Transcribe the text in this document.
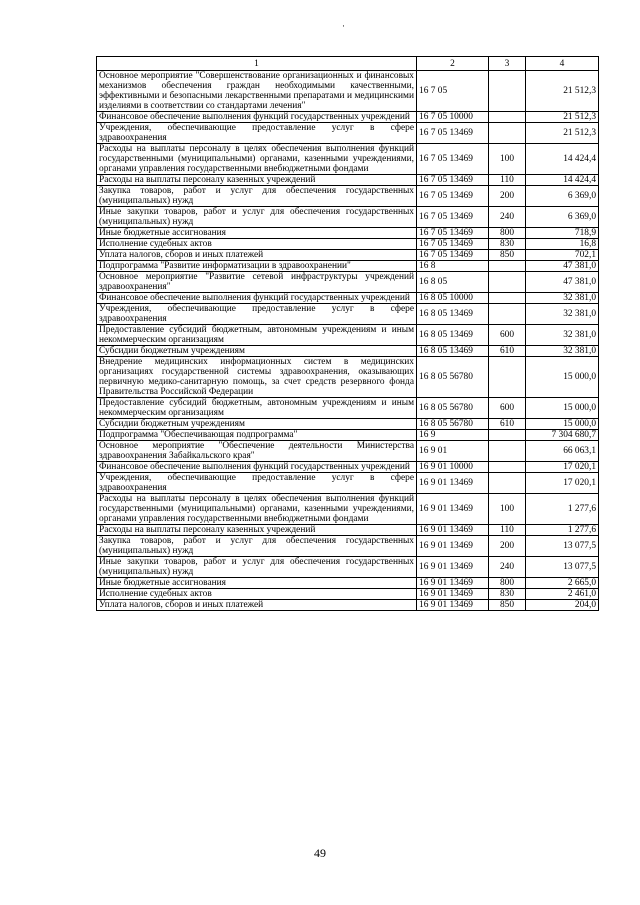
·
1	2	3	4
Основное мероприятие "Совершенствование организационных и финансовых механизмов обеспечения граждан необходимыми качественными, эффективными и безопасными лекарственными препаратами и медицинскими изделиями в соответствии со стандартами лечения"	16 7 05		21 512,3
Финансовое обеспечение выполнения функций государственных учреждений	16 7 05 10000		21 512,3
Учреждения, обеспечивающие предоставление услуг в сфере здравоохранения	16 7 05 13469		21 512,3
Расходы на выплаты персоналу в целях обеспечения выполнения функций государственными (муниципальными) органами, казенными учреждениями, органами управления государственными внебюджетными фондами	16 7 05 13469	100	14 424,4
Расходы на выплаты персоналу казенных учреждений	16 7 05 13469	110	14 424,4
Закупка товаров, работ и услуг для обеспечения государственных (муниципальных) нужд	16 7 05 13469	200	6 369,0
Иные закупки товаров, работ и услуг для обеспечения государственных (муниципальных) нужд	16 7 05 13469	240	6 369,0
Иные бюджетные ассигнования	16 7 05 13469	800	718,9
Исполнение судебных актов	16 7 05 13469	830	16,8
Уплата налогов, сборов и иных платежей	16 7 05 13469	850	702,1
Подпрограмма "Развитие информатизации в здравоохранении"	16 8		47 381,0
Основное мероприятие "Развитие сетевой инфраструктуры учреждений здравоохранения"	16 8 05		47 381,0
Финансовое обеспечение выполнения функций государственных учреждений	16 8 05 10000		32 381,0
Учреждения, обеспечивающие предоставление услуг в сфере здравоохранения	16 8 05 13469		32 381,0
Предоставление субсидий бюджетным, автономным учреждениям и иным некоммерческим организациям	16 8 05 13469	600	32 381,0
Субсидии бюджетным учреждениям	16 8 05 13469	610	32 381,0
Внедрение медицинских информационных систем в медицинских организациях государственной системы здравоохранения, оказывающих первичную медико-санитарную помощь, за счет средств резервного фонда Правительства Российской Федерации	16 8 05 56780		15 000,0
Предоставление субсидий бюджетным, автономным учреждениям и иным некоммерческим организациям	16 8 05 56780	600	15 000,0
Субсидии бюджетным учреждениям	16 8 05 56780	610	15 000,0
Подпрограмма "Обеспечивающая подпрограмма"	16 9		7 304 680,7
Основное мероприятие "Обеспечение деятельности Министерства здравоохранения Забайкальского края"	16 9 01		66 063,1
Финансовое обеспечение выполнения функций государственных учреждений	16 9 01 10000		17 020,1
Учреждения, обеспечивающие предоставление услуг в сфере здравоохранения	16 9 01 13469		17 020,1
Расходы на выплаты персоналу в целях обеспечения выполнения функций государственными (муниципальными) органами, казенными учреждениями, органами управления государственными внебюджетными фондами	16 9 01 13469	100	1 277,6
Расходы на выплаты персоналу казенных учреждений	16 9 01 13469	110	1 277,6
Закупка товаров, работ и услуг для обеспечения государственных (муниципальных) нужд	16 9 01 13469	200	13 077,5
Иные закупки товаров, работ и услуг для обеспечения государственных (муниципальных) нужд	16 9 01 13469	240	13 077,5
Иные бюджетные ассигнования	16 9 01 13469	800	2 665,0
Исполнение судебных актов	16 9 01 13469	830	2 461,0
Уплата налогов, сборов и иных платежей	16 9 01 13469	850	204,0
49
